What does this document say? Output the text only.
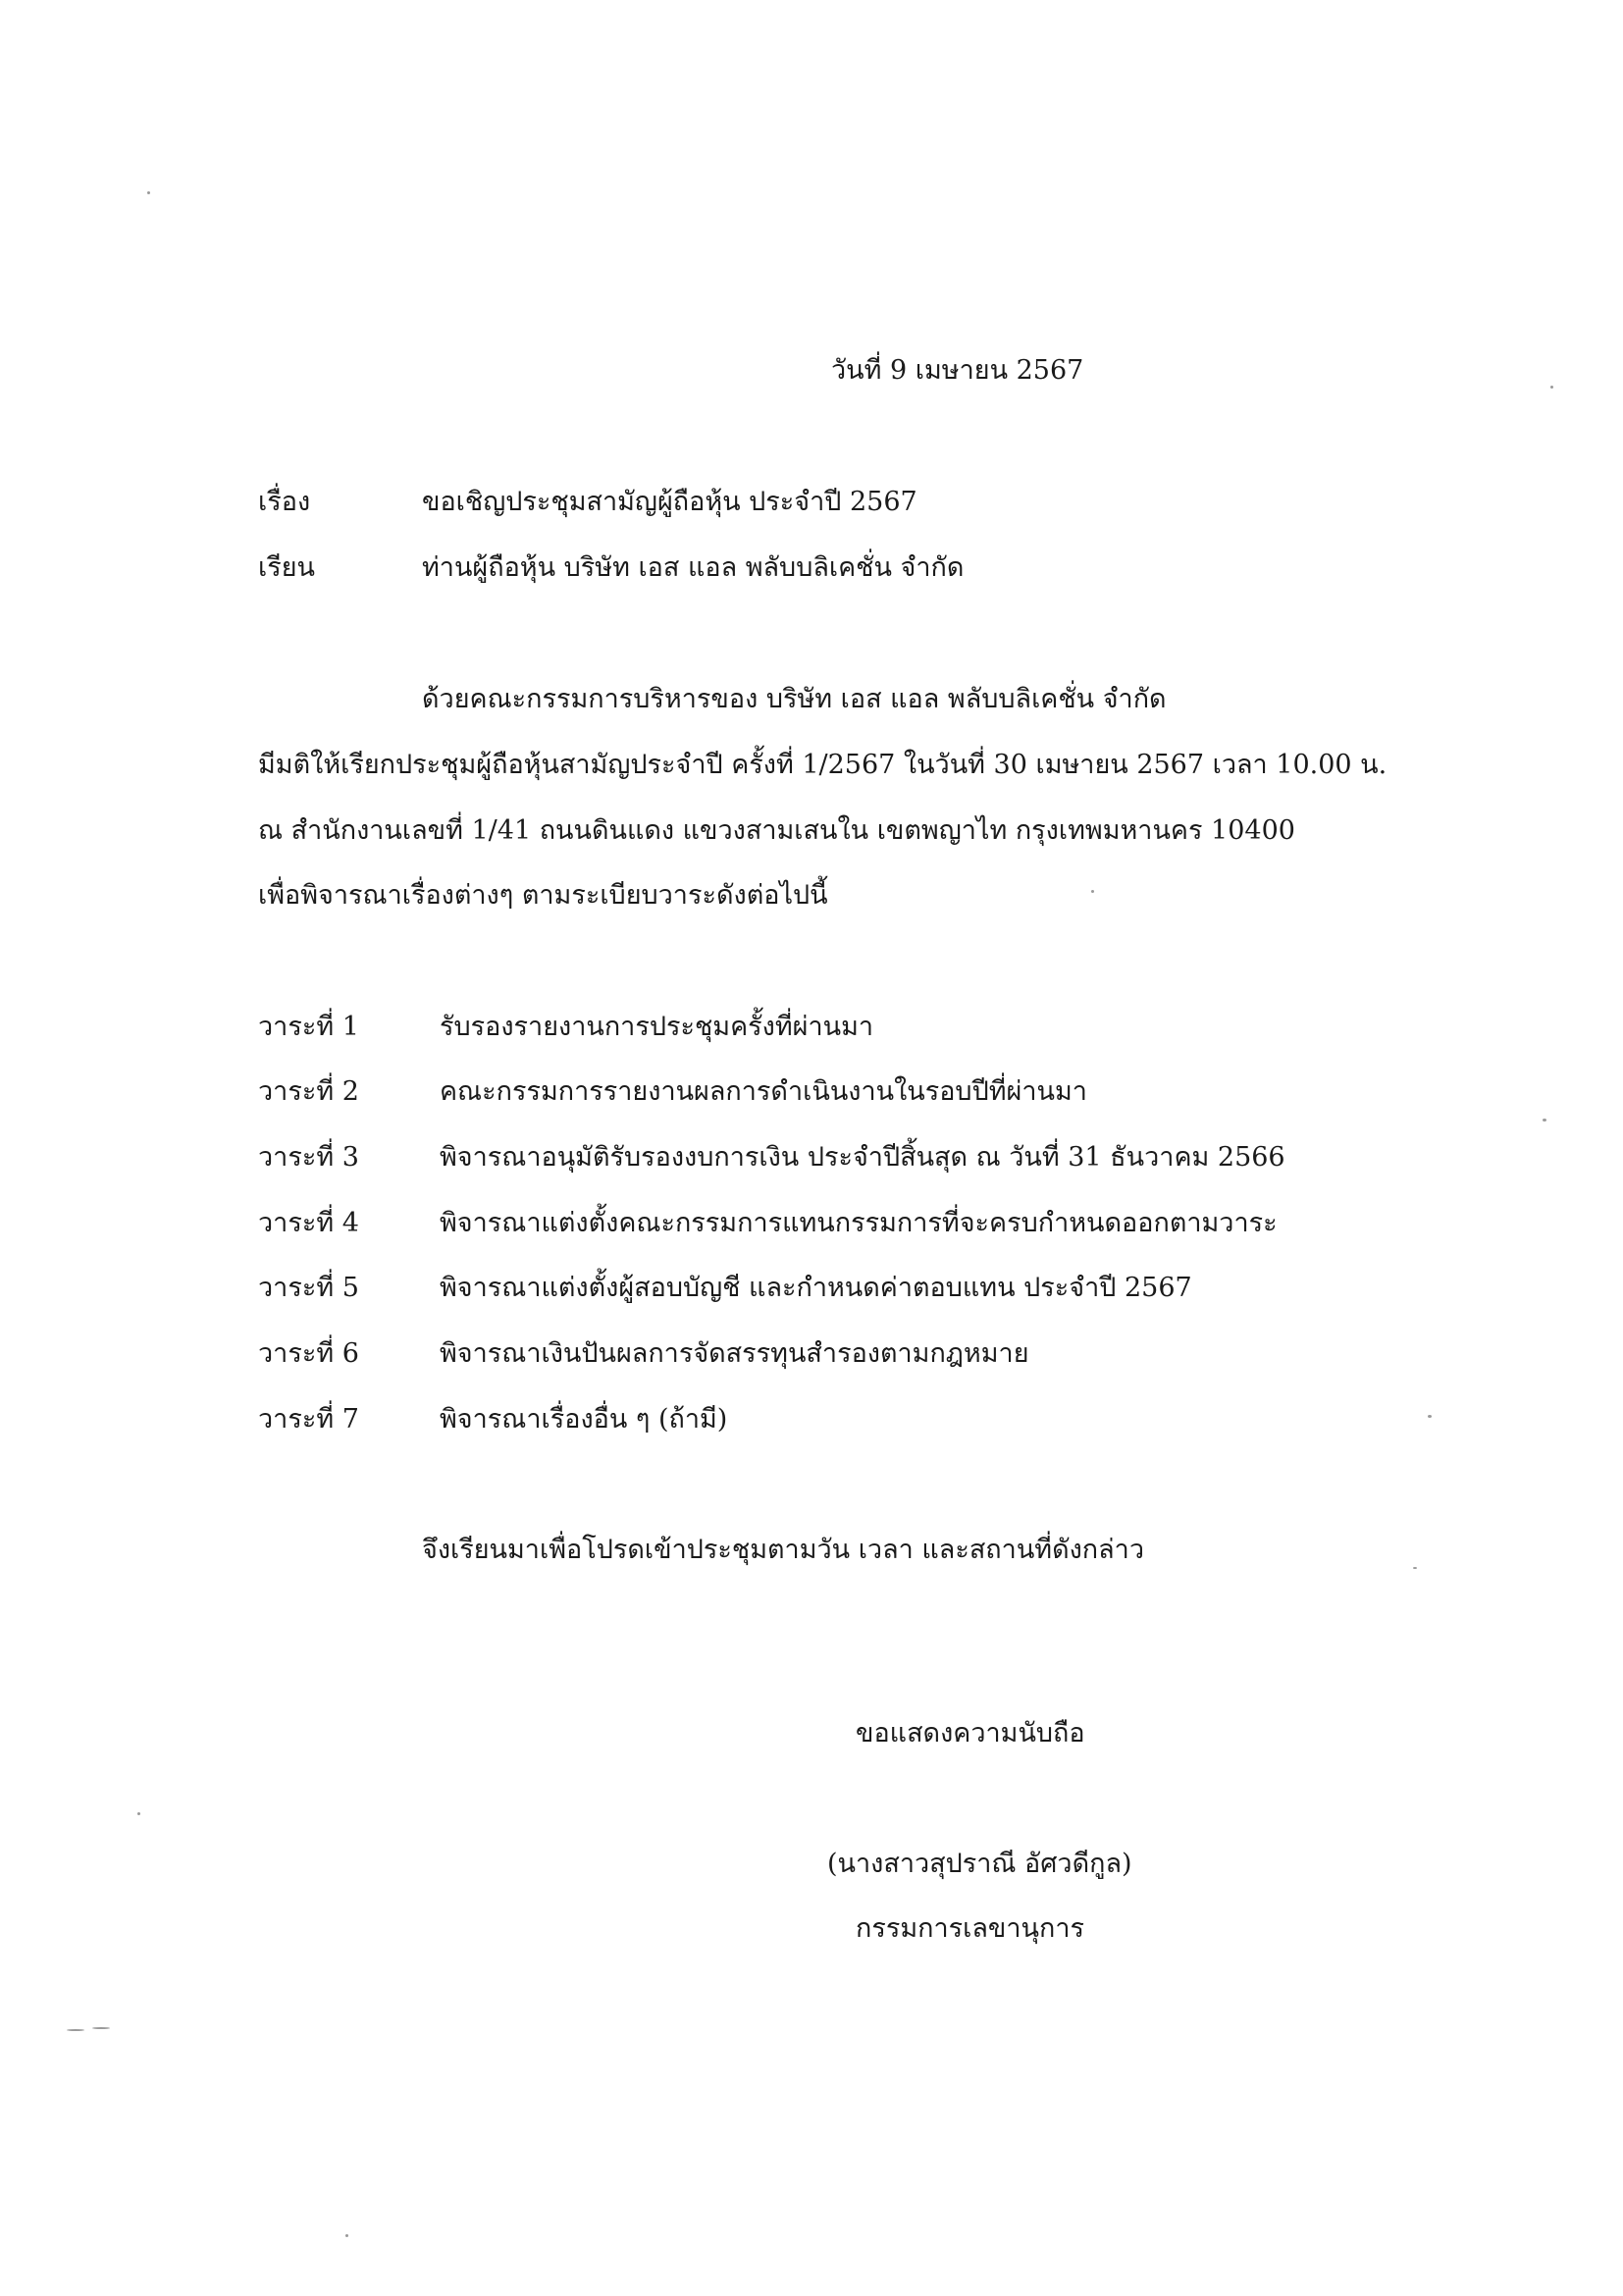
วันที่ 9 เมษายน 2567
เรื่อง	ขอเชิญประชุมสามัญผู้ถือหุ้น ประจำปี 2567
เรียน	ท่านผู้ถือหุ้น บริษัท เอส แอล พลับบลิเคชั่น จำกัด
ด้วยคณะกรรมการบริหารของ บริษัท เอส แอล พลับบลิเคชั่น จำกัด
มีมติให้เรียกประชุมผู้ถือหุ้นสามัญประจำปี ครั้งที่ 1/2567 ในวันที่ 30 เมษายน 2567 เวลา 10.00 น.
ณ สำนักงานเลขที่ 1/41 ถนนดินแดง แขวงสามเสนใน เขตพญาไท กรุงเทพมหานคร 10400
เพื่อพิจารณาเรื่องต่างๆ ตามระเบียบวาระดังต่อไปนี้
วาระที่ 1	รับรองรายงานการประชุมครั้งที่ผ่านมา
วาระที่ 2	คณะกรรมการรายงานผลการดำเนินงานในรอบปีที่ผ่านมา
วาระที่ 3	พิจารณาอนุมัติรับรองงบการเงิน ประจำปีสิ้นสุด ณ วันที่ 31 ธันวาคม 2566
วาระที่ 4	พิจารณาแต่งตั้งคณะกรรมการแทนกรรมการที่จะครบกำหนดออกตามวาระ
วาระที่ 5	พิจารณาแต่งตั้งผู้สอบบัญชี และกำหนดค่าตอบแทน ประจำปี 2567
วาระที่ 6	พิจารณาเงินปันผลการจัดสรรทุนสำรองตามกฎหมาย
วาระที่ 7	พิจารณาเรื่องอื่น ๆ (ถ้ามี)
จึงเรียนมาเพื่อโปรดเข้าประชุมตามวัน เวลา และสถานที่ดังกล่าว
ขอแสดงความนับถือ
(นางสาวสุปราณี อัศวดีกูล)
กรรมการเลขานุการ
